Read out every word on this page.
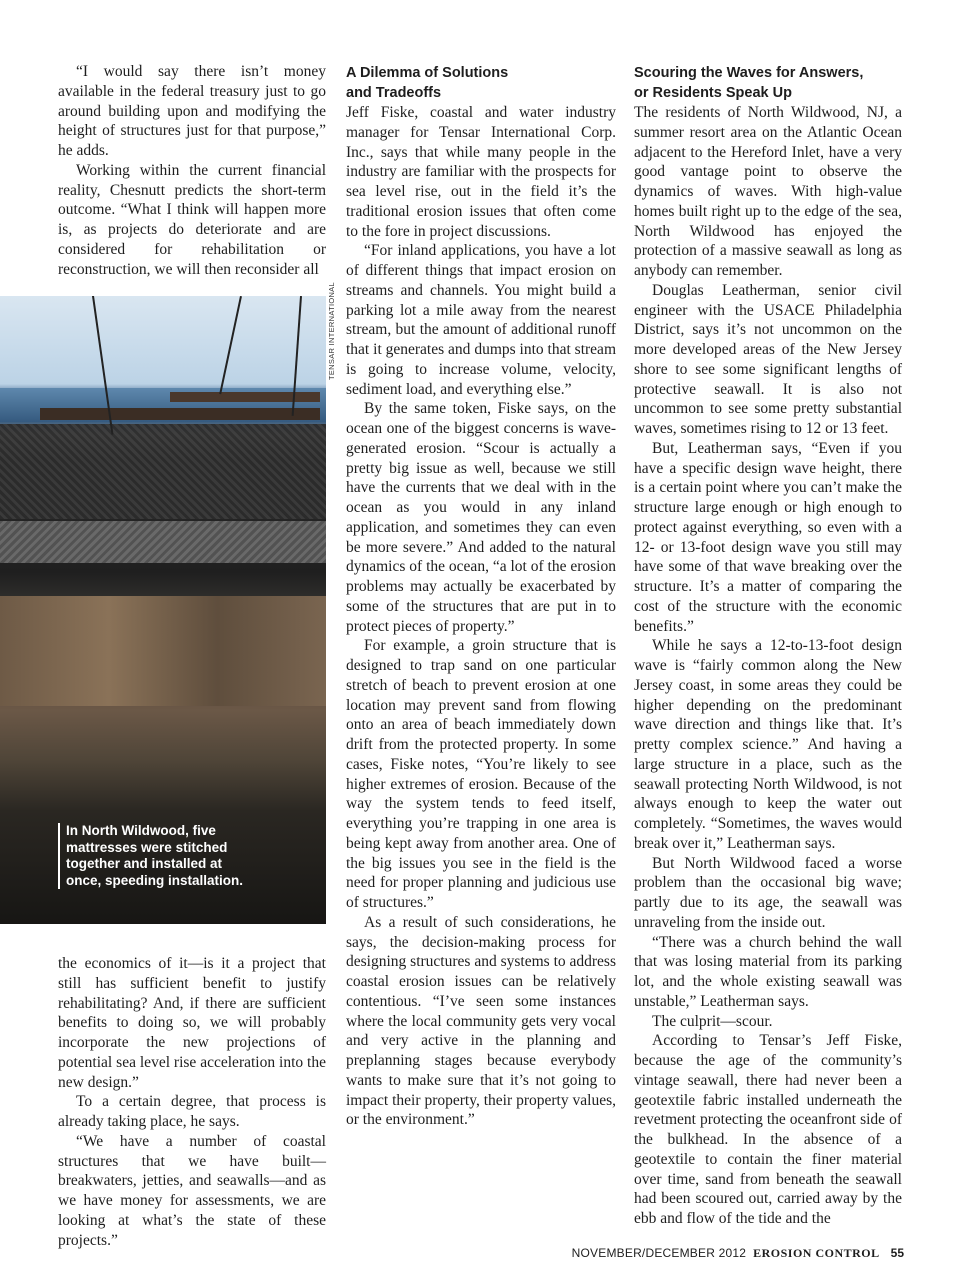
“I would say there isn’t money available in the federal treasury just to go around building upon and modifying the height of structures just for that purpose,” he adds.

Working within the current financial reality, Chesnutt predicts the short-term outcome. “What I think will happen more is, as projects do deteriorate and are considered for rehabilitation or reconstruction, we will then reconsider all

TENSAR INTERNATIONAL
In North Wildwood, five mattresses were stitched together and installed at once, speeding installation.

the economics of it—is it a project that still has sufficient benefit to justify rehabilitating? And, if there are sufficient benefits to doing so, we will probably incorporate the new projections of potential sea level rise acceleration into the new design.”

To a certain degree, that process is already taking place, he says.

“We have a number of coastal structures that we have built—breakwaters, jetties, and seawalls—and as we have money for assessments, we are looking at what’s the state of these projects.”

A Dilemma of Solutions
and Tradeoffs

Jeff Fiske, coastal and water industry manager for Tensar International Corp. Inc., says that while many people in the industry are familiar with the prospects for sea level rise, out in the field it’s the traditional erosion issues that often come to the fore in project discussions.

“For inland applications, you have a lot of different things that impact erosion on streams and channels. You might build a parking lot a mile away from the nearest stream, but the amount of additional runoff that it generates and dumps into that stream is going to increase volume, velocity, sediment load, and everything else.”

By the same token, Fiske says, on the ocean one of the biggest concerns is wave-generated erosion. “Scour is actually a pretty big issue as well, because we still have the currents that we deal with in the ocean as you would in any inland application, and sometimes they can even be more severe.” And added to the natural dynamics of the ocean, “a lot of the erosion problems may actually be exacerbated by some of the structures that are put in to protect pieces of property.”

For example, a groin structure that is designed to trap sand on one particular stretch of beach to prevent erosion at one location may prevent sand from flowing onto an area of beach immediately down drift from the protected property. In some cases, Fiske notes, “You’re likely to see higher extremes of erosion. Because of the way the system tends to feed itself, everything you’re trapping in one area is being kept away from another area. One of the big issues you see in the field is the need for proper planning and judicious use of structures.”

As a result of such considerations, he says, the decision-making process for designing structures and systems to address coastal erosion issues can be relatively contentious. “I’ve seen some instances where the local community gets very vocal and very active in the planning and preplanning stages because everybody wants to make sure that it’s not going to impact their property, their property values, or the environment.”

Scouring the Waves for Answers,
or Residents Speak Up

The residents of North Wildwood, NJ, a summer resort area on the Atlantic Ocean adjacent to the Hereford Inlet, have a very good vantage point to observe the dynamics of waves. With high-value homes built right up to the edge of the sea, North Wildwood has enjoyed the protection of a massive seawall as long as anybody can remember.

Douglas Leatherman, senior civil engineer with the USACE Philadelphia District, says it’s not uncommon on the more developed areas of the New Jersey shore to see some significant lengths of protective seawall. It is also not uncommon to see some pretty substantial waves, sometimes rising to 12 or 13 feet.

But, Leatherman says, “Even if you have a specific design wave height, there is a certain point where you can’t make the structure large enough or high enough to protect against everything, so even with a 12- or 13-foot design wave you still may have some of that wave breaking over the structure. It’s a matter of comparing the cost of the structure with the economic benefits.”

While he says a 12-to-13-foot design wave is “fairly common along the New Jersey coast, in some areas they could be higher depending on the predominant wave direction and things like that. It’s pretty complex science.” And having a large structure in a place, such as the seawall protecting North Wildwood, is not always enough to keep the water out completely. “Sometimes, the waves would break over it,” Leatherman says.

But North Wildwood faced a worse problem than the occasional big wave; partly due to its age, the seawall was unraveling from the inside out.

“There was a church behind the wall that was losing material from its parking lot, and the whole existing seawall was unstable,” Leatherman says.

The culprit—scour.

According to Tensar’s Jeff Fiske, because the age of the community’s vintage seawall, there had never been a geotextile fabric installed underneath the revetment protecting the oceanfront side of the bulkhead. In the absence of a geotextile to contain the finer material over time, sand from beneath the seawall had been scoured out, carried away by the ebb and flow of the tide and the

NOVEMBER/DECEMBER 2012 EROSION CONTROL 55
